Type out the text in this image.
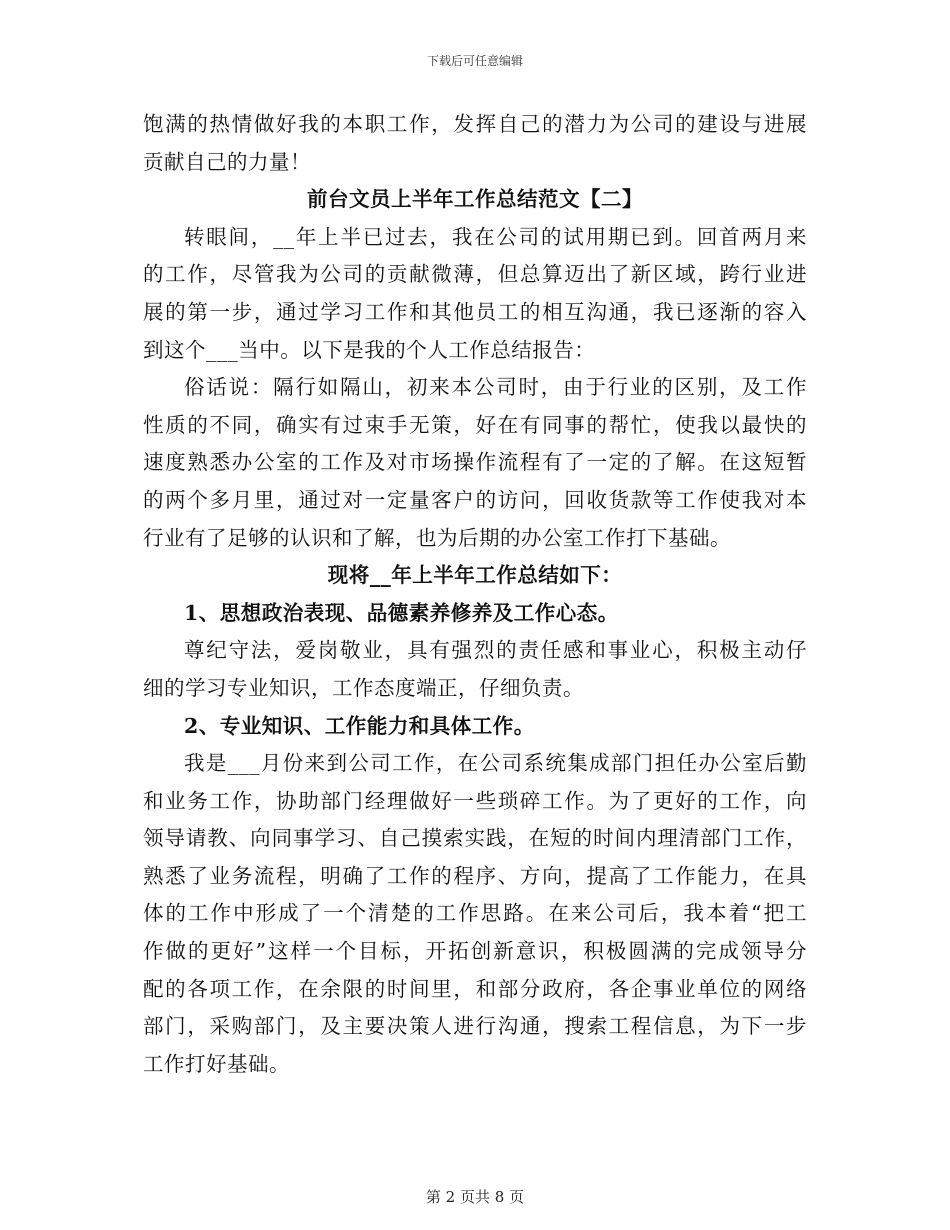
下载后可任意编辑
饱满的热情做好我的本职工作，发挥自己的潜力为公司的建设与进展
贡献自己的力量！
前台文员上半年工作总结范文【二】
转眼间，__年上半已过去，我在公司的试用期已到。回首两月来
的工作，尽管我为公司的贡献微薄，但总算迈出了新区域，跨行业进
展的第一步，通过学习工作和其他员工的相互沟通，我已逐渐的容入
到这个___当中。以下是我的个人工作总结报告：
俗话说：隔行如隔山，初来本公司时，由于行业的区别，及工作
性质的不同，确实有过束手无策，好在有同事的帮忙，使我以最快的
速度熟悉办公室的工作及对市场操作流程有了一定的了解。在这短暂
的两个多月里，通过对一定量客户的访问，回收货款等工作使我对本
行业有了足够的认识和了解，也为后期的办公室工作打下基础。
现将__年上半年工作总结如下：
1、思想政治表现、品德素养修养及工作心态。
尊纪守法，爱岗敬业，具有强烈的责任感和事业心，积极主动仔
细的学习专业知识，工作态度端正，仔细负责。
2、专业知识、工作能力和具体工作。
我是___月份来到公司工作，在公司系统集成部门担任办公室后勤
和业务工作，协助部门经理做好一些琐碎工作。为了更好的工作，向
领导请教、向同事学习、自己摸索实践，在短的时间内理清部门工作，
熟悉了业务流程，明确了工作的程序、方向，提高了工作能力，在具
体的工作中形成了一个清楚的工作思路。在来公司后，我本着“把工
作做的更好”这样一个目标，开拓创新意识，积极圆满的完成领导分
配的各项工作，在余限的时间里，和部分政府，各企事业单位的网络
部门，采购部门，及主要决策人进行沟通，搜索工程信息，为下一步
工作打好基础。
第 2 页共 8 页
